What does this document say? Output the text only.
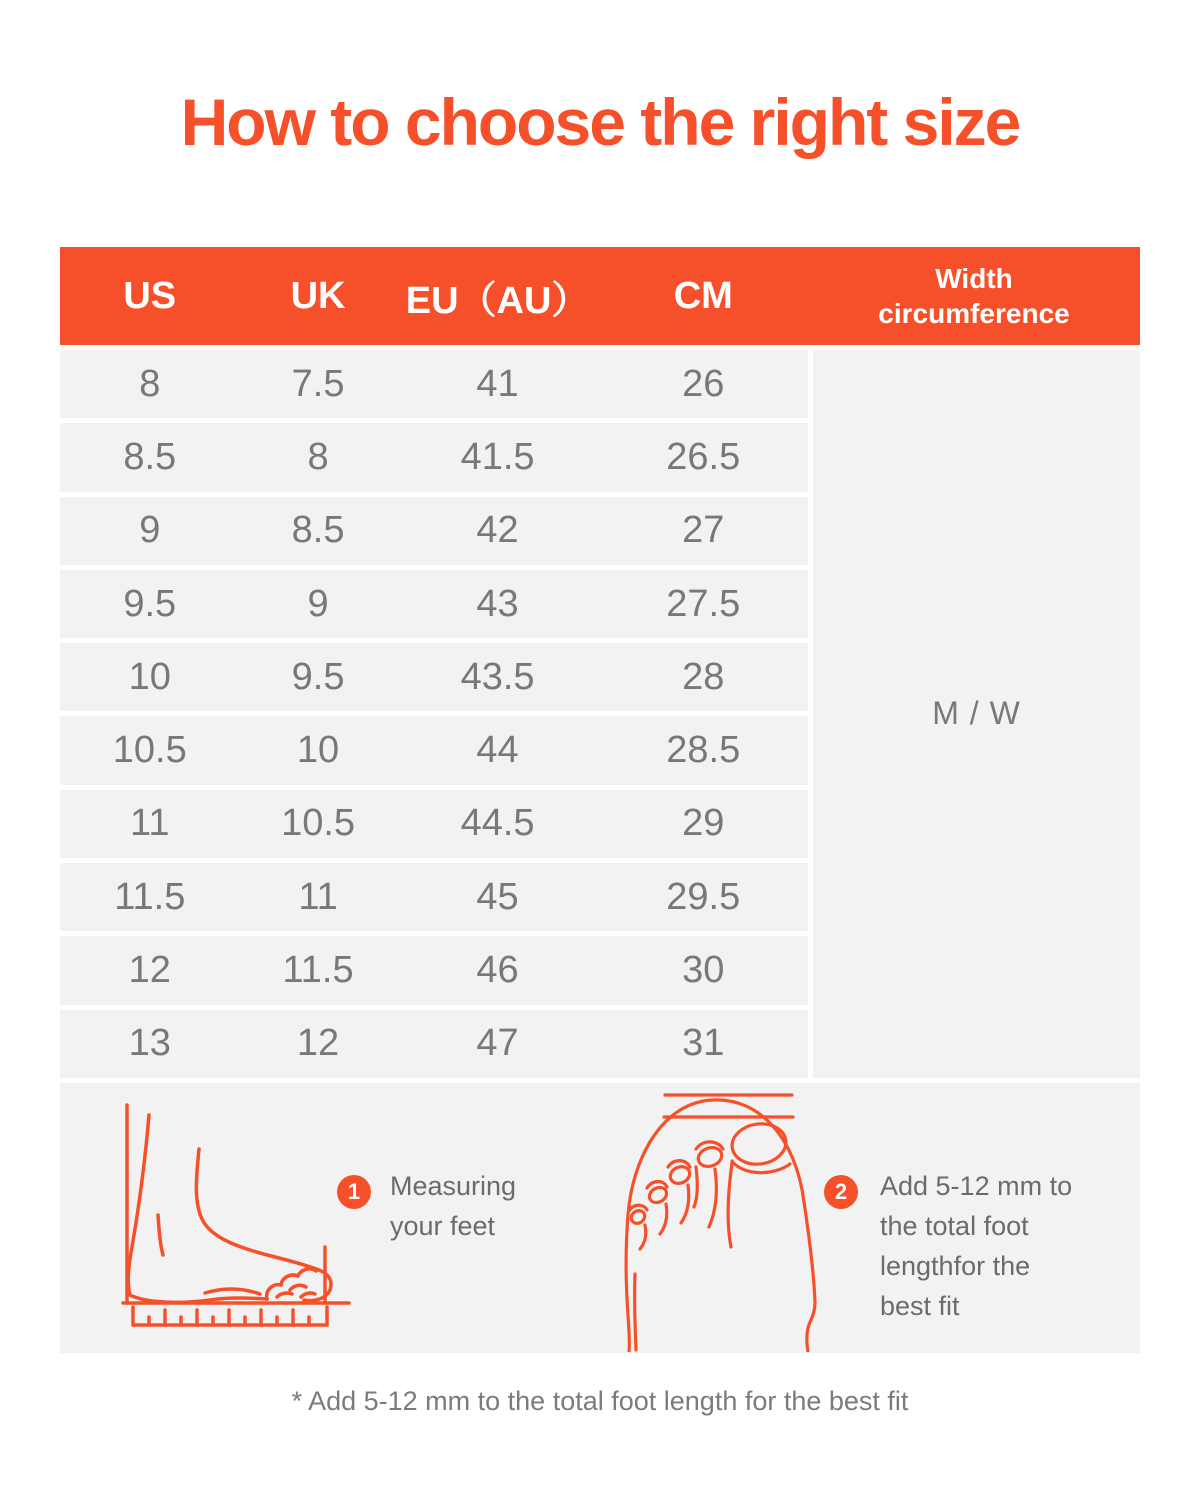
How to choose the right size
US	UK	EU（AU）	CM	Width circumference
8	7.5	41	26
8.5	8	41.5	26.5
9	8.5	42	27
9.5	9	43	27.5
10	9.5	43.5	28
10.5	10	44	28.5
11	10.5	44.5	29
11.5	11	45	29.5
12	11.5	46	30
13	12	47	31
M / W
1	Measuring
your feet
2	Add 5-12 mm to
the total foot
lengthfor the
best fit
* Add 5-12 mm to the total foot length for the best fit
